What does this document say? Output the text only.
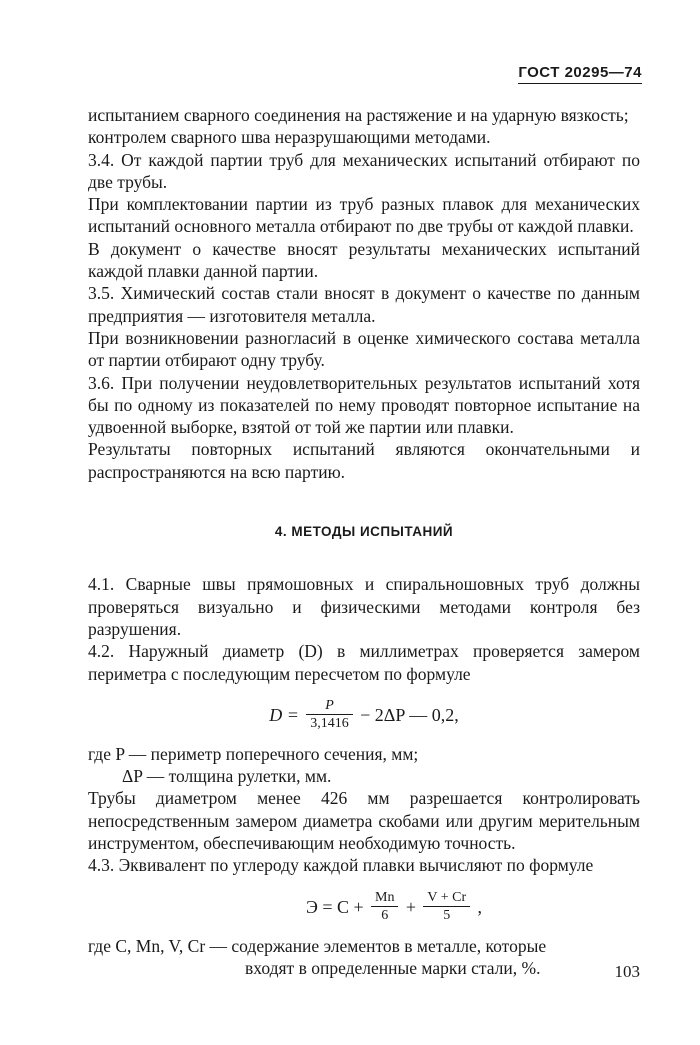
ГОСТ 20295—74

испытанием сварного соединения на растяжение и на ударную вязкость;

контролем сварного шва неразрушающими методами.

3.4. От каждой партии труб для механических испытаний отбирают по две трубы.

При комплектовании партии из труб разных плавок для механических испытаний основного металла отбирают по две трубы от каждой плавки.

В документ о качестве вносят результаты механических испытаний каждой плавки данной партии.

3.5. Химический состав стали вносят в документ о качестве по данным предприятия — изготовителя металла.

При возникновении разногласий в оценке химического состава металла от партии отбирают одну трубу.

3.6. При получении неудовлетворительных результатов испытаний хотя бы по одному из показателей по нему проводят повторное испытание на удвоенной выборке, взятой от той же партии или плавки.

Результаты повторных испытаний являются окончательными и распространяются на всю партию.

4. МЕТОДЫ ИСПЫТАНИЙ

4.1. Сварные швы прямошовных и спиральношовных труб должны проверяться визуально и физическими методами контроля без разрушения.

4.2. Наружный диаметр (D) в миллиметрах проверяется замером периметра с последующим пересчетом по формуле

$D = \frac{P}{3,1416} - 2\Delta P$ — 0,2,

где P — периметр поперечного сечения, мм;

ΔP — толщина рулетки, мм.

Трубы диаметром менее 426 мм разрешается контролировать непосредственным замером диаметра скобами или другим мерительным инструментом, обеспечивающим необходимую точность.

4.3. Эквивалент по углероду каждой плавки вычисляют по формуле

$Э = С + \frac{Mn}{6} + \frac{V + Cr}{5}$ ,

где С, Mn, V, Cr — содержание элементов в металле, которые

входят в определенные марки стали, %.	103
